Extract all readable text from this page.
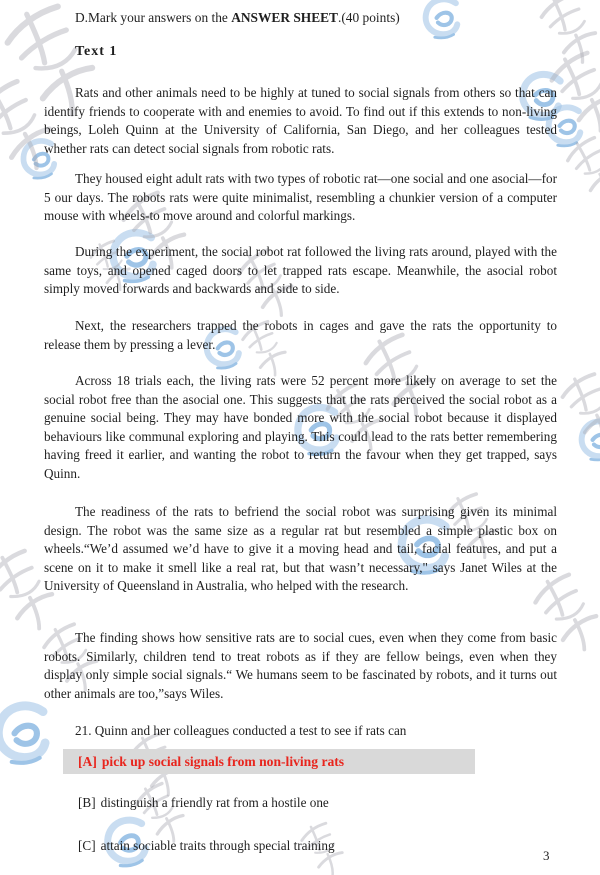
D.Mark your answers on the ANSWER SHEET.(40 points)
Text 1

Rats and other animals need to be highly at tuned to social signals from others so that can identify friends to cooperate with and enemies to avoid. To find out if this extends to non-living beings, Loleh Quinn at the University of California, San Diego, and her colleagues tested whether rats can detect social signals from robotic rats.

They housed eight adult rats with two types of robotic rat—one social and one asocial—for 5 our days. The robots rats were quite minimalist, resembling a chunkier version of a computer mouse with wheels-to move around and colorful markings.

During the experiment, the social robot rat followed the living rats around, played with the same toys, and opened caged doors to let trapped rats escape. Meanwhile, the asocial robot simply moved forwards and backwards and side to side.

Next, the researchers trapped the robots in cages and gave the rats the opportunity to release them by pressing a lever.

Across 18 trials each, the living rats were 52 percent more likely on average to set the social robot free than the asocial one. This suggests that the rats perceived the social robot as a genuine social being. They may have bonded more with the social robot because it displayed behaviours like communal exploring and playing. This could lead to the rats better remembering having freed it earlier, and wanting the robot to return the favour when they get trapped, says Quinn.

The readiness of the rats to befriend the social robot was surprising given its minimal design. The robot was the same size as a regular rat but resembled a simple plastic box on wheels.“We’d assumed we’d have to give it a moving head and tail, facial features, and put a scene on it to make it smell like a real rat, but that wasn’t necessary," says Janet Wiles at the University of Queensland in Australia, who helped with the research.

The finding shows how sensitive rats are to social cues, even when they come from basic robots. Similarly, children tend to treat robots as if they are fellow beings, even when they display only simple social signals.“ We humans seem to be fascinated by robots, and it turns out other animals are too,”says Wiles.

21. Quinn and her colleagues conducted a test to see if rats can

[A] pick up social signals from non-living rats
[B] distinguish a friendly rat from a hostile one
[C] attain sociable traits through special training
3
